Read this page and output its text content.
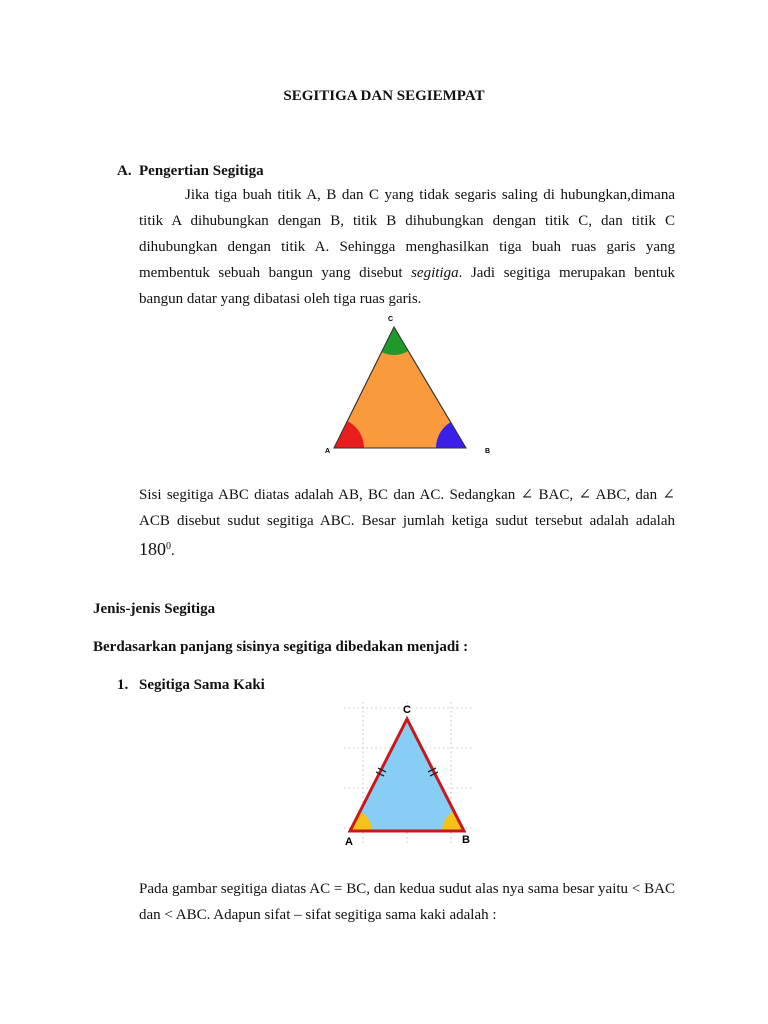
SEGITIGA DAN SEGIEMPAT
A. Pengertian Segitiga
Jika tiga buah titik A, B dan C yang tidak segaris saling di hubungkan,dimana titik A dihubungkan dengan B, titik B dihubungkan dengan titik C, dan titik C dihubungkan dengan titik A. Sehingga menghasilkan tiga buah ruas garis yang membentuk sebuah bangun yang disebut segitiga. Jadi segitiga merupakan bentuk bangun datar yang dibatasi oleh tiga ruas garis.
A	B
C
Sisi segitiga ABC diatas adalah AB, BC dan AC. Sedangkan ∠ BAC, ∠ ABC, dan ∠ ACB disebut sudut segitiga ABC. Besar jumlah ketiga sudut tersebut adalah adalah $180^0$.
Jenis-jenis Segitiga
Berdasarkan panjang sisinya segitiga dibedakan menjadi :
1. Segitiga Sama Kaki
A	B
C
Pada gambar segitiga diatas AC = BC, dan kedua sudut alas nya sama besar yaitu < BAC dan < ABC. Adapun sifat – sifat segitiga sama kaki adalah :
